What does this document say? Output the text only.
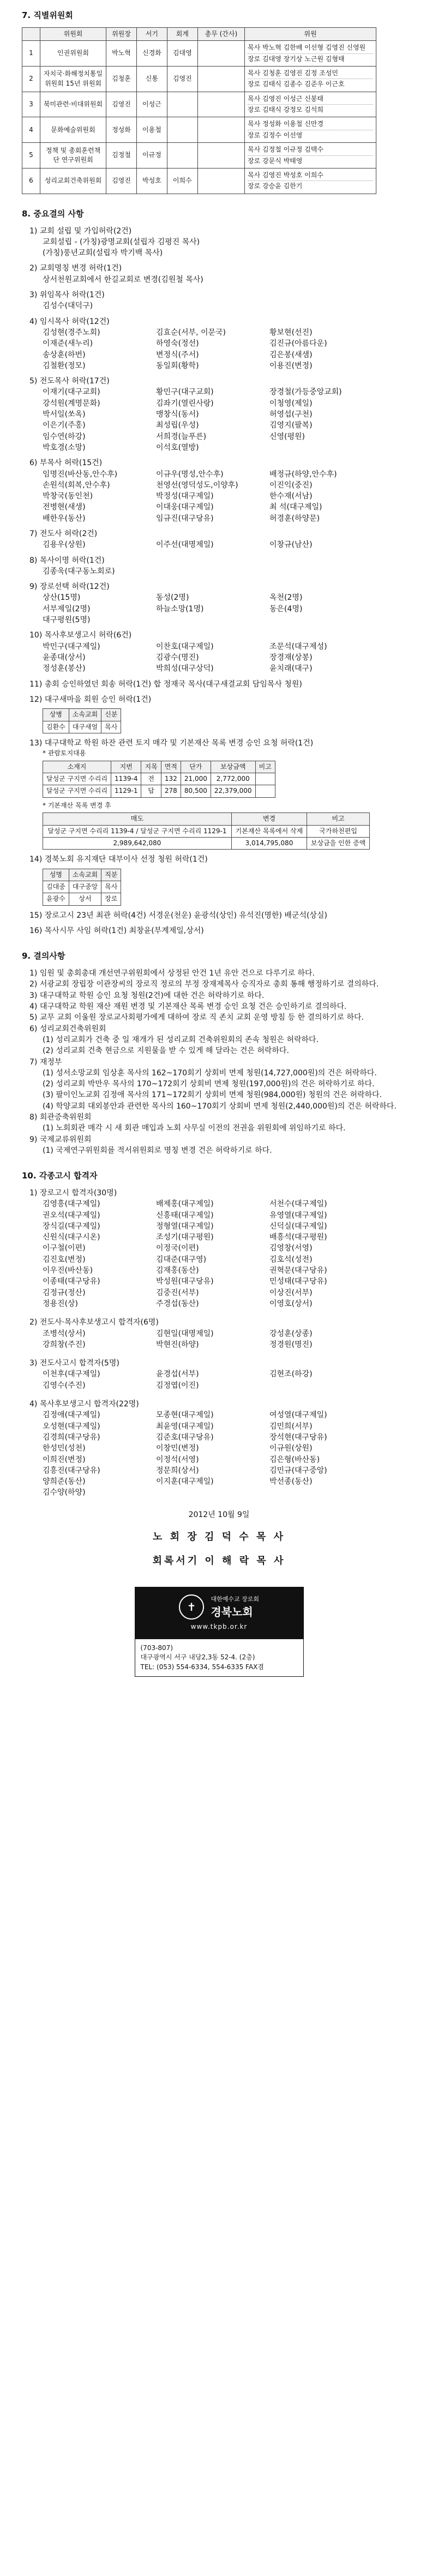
7. 직별위원회
	위원회	위원장	서기	회계	총무 (간사)	위원
1	인권위원회	박노혁	신경화	김대영		목사 박노혁 김한배 이선형 김영진 신영원
장로 김대영 장기상 노근원 김형태

2	자치국·화해정치통일위원회 15년 위원회	김청훈	신통	김영진		목사 김청훈 김영진 김정 조성민
장로 김태식 김종수 김준우 이근호

3	북미관련·비대위원회	김영진	이성근			목사 김영진 이성근 신봉태
장로 김태식 강정모 김석희

4	문화예술위원회	정성화	이용철			목사 정성화 이용철 신만경
장로 김정수 이선영

5	정책 및 총회훈련책단 연구위원회	김정철	이규정			목사 김정철 이규정 김택수
장로 강문식 박태영

6	성리교회건축위원회	김영진	박성호	이희수		목사 김영진 박성호 이희수
장로 강승윤 김한기
8. 중요결의 사항
1) 교회 설립 및 가입허락(2건)
교회설립 - (가칭)광명교회(설립자 김평진 목사)
(가칭)풍년교회(설립자 박기백 목사)
2) 교회명칭 변경 허락(1건)
상서천원교회에서 한길교회로 변경(김원철 목사)
3) 위임목사 허락(1건)
김성수(대덕구)
4) 임시목사 허락(12건)
김성현(경주노회)	김효순(서부, 이문국)	황보현(선진)
이재준(새누리)	하영숙(정선)	김진규(아름다운)
송상훈(하번)	변정식(주서)	김은봉(새샘)
김철환(정모)	동일회(황학)	이용진(변정)
5) 전도목사 허락(17건)
이재기(대구교회)	황민구(대구교회)	장경철(가등중앙교회)
강석원(계명문화)	김좌기(열린사랑)	이청영(제일)
박서일(쏘옥)	맹창식(동서)	허영섭(구천)
이은기(주홍)	최성립(우성)	김영지(팔복)
임수연(하강)	서희경(늘푸른)	신영(평원)
박호경(소망)	이석호(열방)
6) 부목사 허락(15건)
임명진(바산동,안수후)	이규우(명성,안수후)	배정규(하양,안수후)
손원석(회복,안수후)	천영선(영덕성도,이양후)	이진익(중진)
박창국(동인천)	박정성(대구제일)	한수재(서남)
전병현(새생)	이대웅(대구제일)	최 석(대구제일)
배한우(동산)	임규진(대구당유)	허경훈(하양문)
7) 전도사 허락(2건)
김용우(상원)	이주선(대명제일)	이창규(남산)
8) 목사이명 허락(1건)
김종욱(대구동노회로)
9) 장로선택 허락(12건)
상산(15명)	동성(2명)	옥천(2명)
서부제일(2명)	하늘소망(1명)	동은(4명)
대구평원(5명)
10) 목사후보생고시 허락(6건)
박민구(대구제일)	이찬호(대구제일)	조문석(대구제성)
윤종대(상서)	김광수(명진)	장경재(상봉)
정성훈(봉산)	박희성(대구상덕)	윤치래(대구)
11) 총회 승인하였던 회송 허락(1건) 합 정재국 목사(대구새결교회 담임목사 청원)
12) 대구새마을 회원 승인 허락(1건)
상병	소속교회	신분
김환수	대구새얼	목사
13) 대구대학교 학원 하잔 관련 토지 매각 및 기본재산 목록 변경 승인 요청 허락(1건)
* 관람토지대용
소재지	지번	지목	면적	단가	보상금액	비고
달성군 구지면 수리리	1139-4	전	132	21,000	2,772,000	
달성군 구지면 수리리	1129-1	답	278	80,500	22,379,000	
* 기본재산 목록 변경 후
매도	변경	비고
달성군 구지면 수리리 1139-4 / 달성군 구지면 수리리 1129-1	기본재산 목록에서 삭제	국가하천편입
2,989,642,080	3,014,795,080	보상금을 인한 증액
14) 경북노회 유지재단 대부이사 선정 청원 허락(1건)
성명	소속교회	직분
김대중	대구중앙	목사
윤광수	상서	장로
15) 장로고시 23년 최관 허락(4건) 서경운(천운) 윤광석(상인) 유석진(명한) 배군석(상실)
16) 목사시무 사임 허락(1건) 최창윤(부계제일,상서)
9. 결의사항
1) 임원 및 총회총대 개선연구위원회에서 상정된 안건 1년 유안 건으로 다루기로 하다.
2) 서광교회 장립장 이관장씨의 장로직 정로의 부정 장재제목사 승직자로 총회 통해 행정하기로 결의하다.
3) 대구대학교 학원 승인 요청 청원(2건)에 대한 건은 허락하기로 하다.
4) 대구대학교 학원 재산 재원 변경 및 기본재산 목록 변경 승인 요청 건은 승인하기로 결의하다.
5) 교무 교회 이울원 장로교사회평가에게 대하여 장로 직 존치 교회 운영 방침 등 한 결의하기로 하다.
6) 성리교회건축위원회
(1) 성리교회가 건축 중 일 재개가 된 성리교회 건축위원회의 존속 청원은 허락하다.
(2) 성리교회 건축 현금으로 지원물을 받 수 있게 해 달라는 건은 허락하다.
7) 재정부
(1) 성서소망교회 임상훈 목사의 162~170회기 상회비 면제 청원(14,727,000원)의 건은 허락하다.
(2) 성리교회 박만우 목사의 170~172회기 상회비 면제 청원(197,000원)의 건은 허락하기로 하다.
(3) 팔이인노교회 김정애 목사의 171~172회기 상회비 면제 청원(984,000원) 청원의 건은 허락하다.
(4) 학양교회 대외봉안과 관련한 목사의 160~170회기 상회비 면제 청원(2,440,000원)의 건은 허락하다.
8) 회관증축위원회
(1) 노회회관 매각 시 새 회관 매입과 노회 사무실 이전의 전권을 위원회에 위임하기로 하다.
9) 국제교류위원회
(1) 국제연구위원회를 적서위원회로 명칭 변경 건은 허락하기로 하다.
10. 각종고시 합격자
1) 장로고시 합격자(30명)
김영흥(대구제일)	배제홍(대구제일)	서천수(대구제일)
권오석(대구제일)	신흥태(대구제일)	유영열(대구제일)
장식길(대구제일)	정형열(대구제일)	신덕실(대구제일)
신원식(대구시온)	조성기(대구평원)	배흥석(대구평원)
이구철(이편)	이정국(이편)	김영창(서영)
김진호(변정)	김대준(대구영)	김호석(성전)
이우진(바산동)	김재홍(동산)	권혁문(대구당유)
이종태(대구당유)	박성원(대구당유)	민성태(대구당유)
김정규(정산)	김중진(서부)	이상진(서부)
정용진(상)	주경섭(동산)	이영호(상서)
2) 전도사·목사후보생고시 합격자(6명)
조병석(상서)	김현일(대명제일)	강성훈(상종)
강희창(주진)	박현진(하양)	정경원(명진)
3) 전도사고시 합격자(5명)
이천후(대구제일)	윤경섭(서부)	김현조(하강)
김영수(주진)	김정엽(이진)
4) 목사후보생고시 합격자(22명)
김정애(대구제일)	모종현(대구제일)	여성열(대구제일)
오성현(대구제일)	최윤영(대구제일)	김민희(서부)
김경희(대구당유)	김준호(대구당유)	장석현(대구당유)
한성민(성천)	이창민(변정)	이규원(상원)
이희진(변정)	이정석(서영)	김은형(바산동)
김흥진(대구당유)	정문희(상서)	김민규(대구중앙)
양희준(동산)	이지훈(대구제일)	박선종(동산)
김수양(하양)
2012년 10월 9일
노 회 장 김 덕 수 목 사
회록서기 이 해 락 목 사
✝ 대한예수교 장로회
경북노회
www.tkpb.or.kr
(703-807)
대구광역시 서구 내당2,3동 52-4. (2층)
TEL: (053) 554-6334, 554-6335 FAX겸
